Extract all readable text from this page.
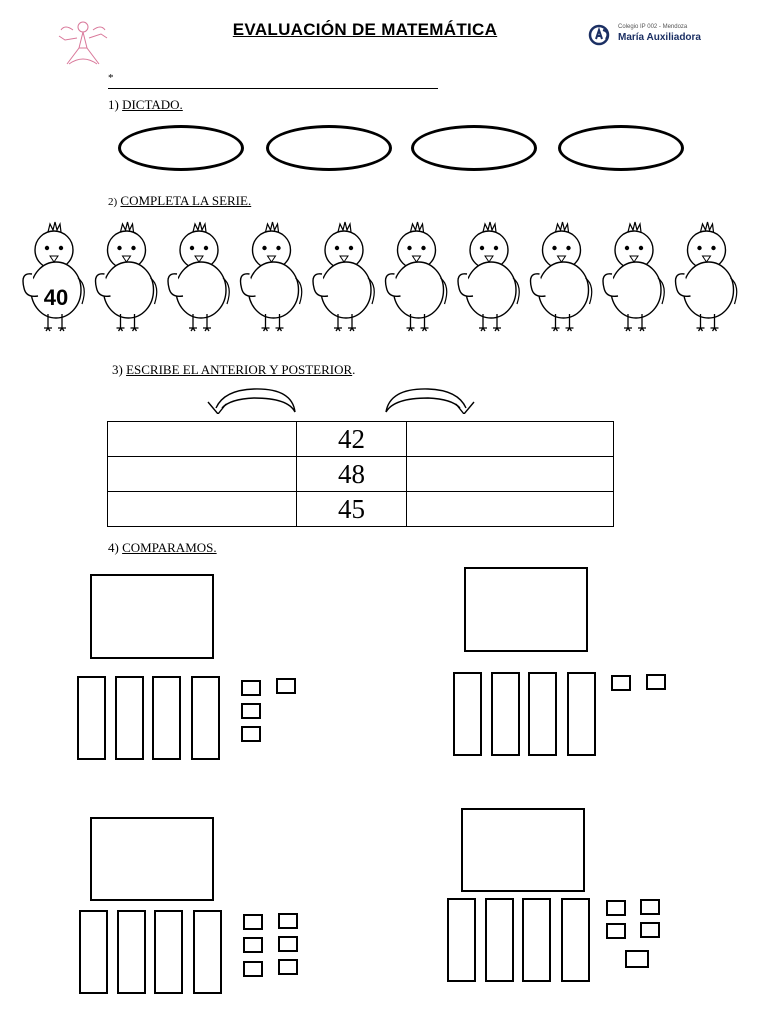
EVALUACIÓN DE MATEMÁTICA	Colegio IP 002 - Mendoza
María Auxiliadora
*
1) DICTADO.
2) COMPLETA LA SERIE.
40
3) ESCRIBE EL ANTERIOR Y POSTERIOR.
	42	
	48	
	45	
4) COMPARAMOS.
